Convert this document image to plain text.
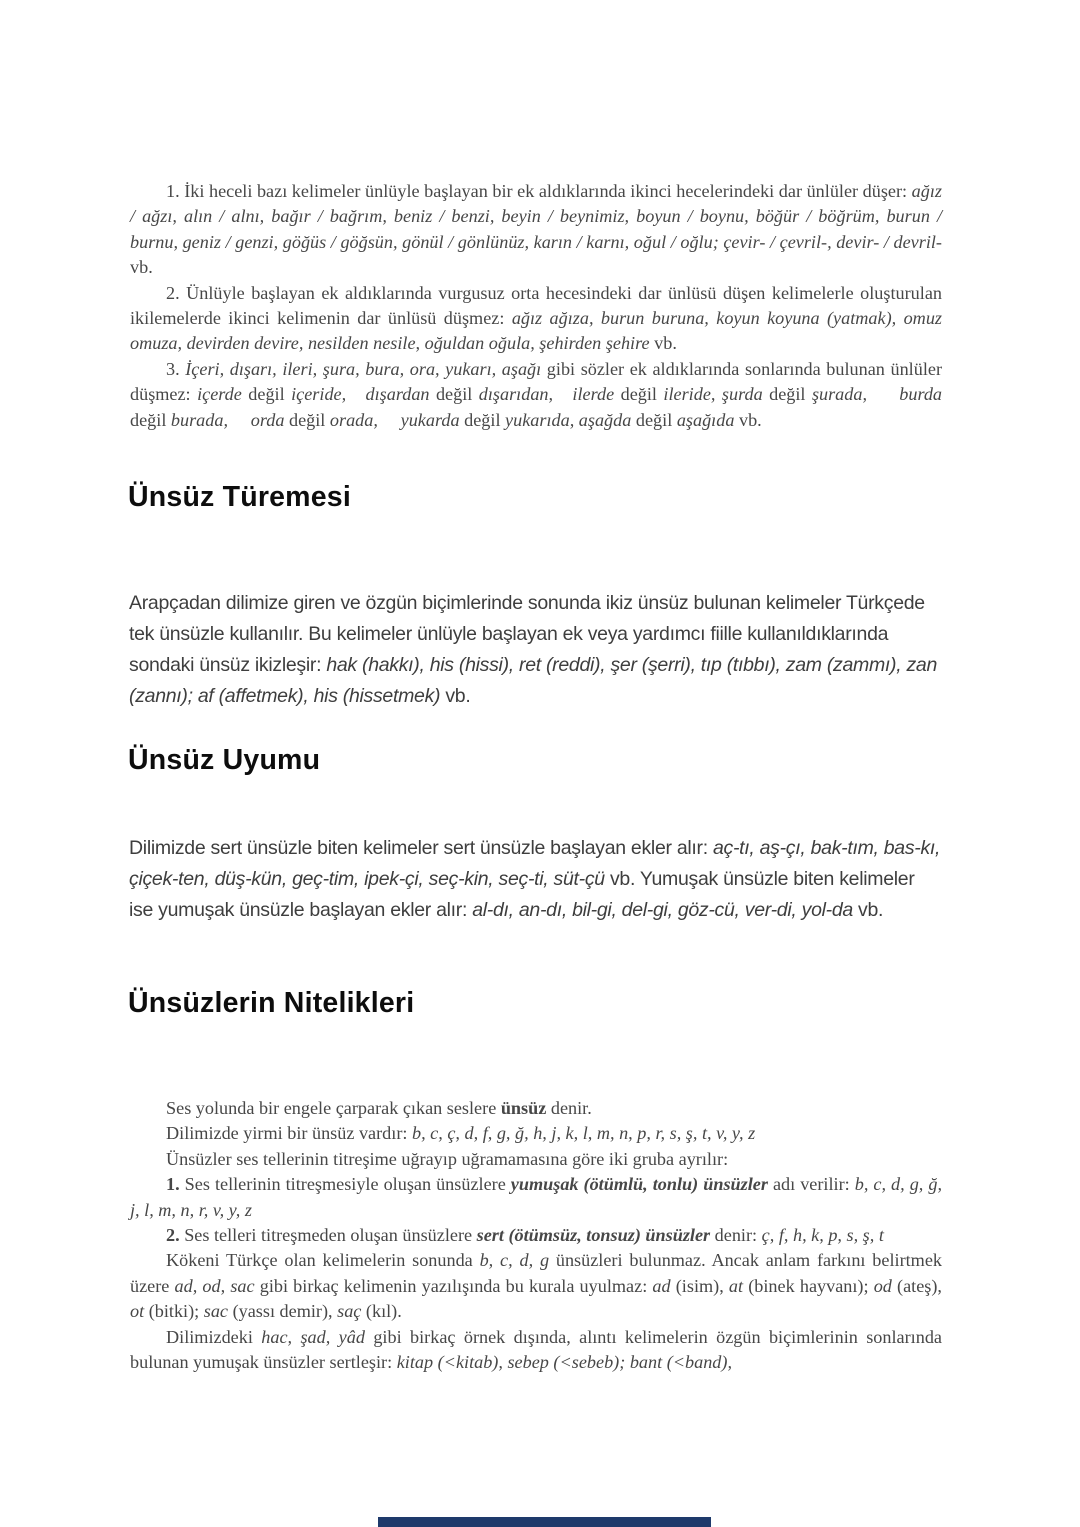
1. İki heceli bazı kelimeler ünlüyle başlayan bir ek aldıklarında ikinci hecelerindeki dar ünlüler düşer: ağız / ağzı, alın / alnı, bağır / bağrım, beniz / benzi, beyin / beynimiz, boyun / boynu, böğür / böğrüm, burun / burnu, geniz / genzi, göğüs / göğsün, gönül / gönlünüz, karın / karnı, oğul / oğlu; çevir- / çevril-, devir- / devril- vb.

2. Ünlüyle başlayan ek aldıklarında vurgusuz orta hecesindeki dar ünlüsü düşen kelimelerle oluşturulan ikilemelerde ikinci kelimenin dar ünlüsü düşmez: ağız ağıza, burun buruna, koyun koyuna (yatmak), omuz omuza, devirden devire, nesilden nesile, oğuldan oğula, şehirden şehire vb.

3. İçeri, dışarı, ileri, şura, bura, ora, yukarı, aşağı gibi sözler ek aldıklarında sonlarında bulunan ünlüler düşmez: içerde değil içeride, dışardan değil dışarıdan, ilerde değil ileride, şurda değil şurada, burda değil burada, orda değil orada, yukarda değil yukarıda, aşağda değil aşağıda vb.

Ünsüz Türemesi

Arapçadan dilimize giren ve özgün biçimlerinde sonunda ikiz ünsüz bulunan kelimeler Türkçede tek ünsüzle kullanılır. Bu kelimeler ünlüyle başlayan ek veya yardımcı fiille kullanıldıklarında sondaki ünsüz ikizleşir: hak (hakkı), his (hissi), ret (reddi), şer (şerri), tıp (tıbbı), zam (zammı), zan (zannı); af (affetmek), his (hissetmek) vb.

Ünsüz Uyumu

Dilimizde sert ünsüzle biten kelimeler sert ünsüzle başlayan ekler alır: aç-tı, aş-çı, bak-tım, bas-kı, çiçek-ten, düş-kün, geç-tim, ipek-çi, seç-kin, seç-ti, süt-çü vb. Yumuşak ünsüzle biten kelimeler ise yumuşak ünsüzle başlayan ekler alır: al-dı, an-dı, bil-gi, del-gi, göz-cü, ver-di, yol-da vb.

Ünsüzlerin Nitelikleri

Ses yolunda bir engele çarparak çıkan seslere ünsüz denir.

Dilimizde yirmi bir ünsüz vardır: b, c, ç, d, f, g, ğ, h, j, k, l, m, n, p, r, s, ş, t, v, y, z

Ünsüzler ses tellerinin titreşime uğrayıp uğramamasına göre iki gruba ayrılır:

1. Ses tellerinin titreşmesiyle oluşan ünsüzlere yumuşak (ötümlü, tonlu) ünsüzler adı verilir: b, c, d, g, ğ, j, l, m, n, r, v, y, z

2. Ses telleri titreşmeden oluşan ünsüzlere sert (ötümsüz, tonsuz) ünsüzler denir: ç, f, h, k, p, s, ş, t

Kökeni Türkçe olan kelimelerin sonunda b, c, d, g ünsüzleri bulunmaz. Ancak anlam farkını belirtmek üzere ad, od, sac gibi birkaç kelimenin yazılışında bu kurala uyulmaz: ad (isim), at (binek hayvanı); od (ateş), ot (bitki); sac (yassı demir), saç (kıl).

Dilimizdeki hac, şad, yâd gibi birkaç örnek dışında, alıntı kelimelerin özgün biçimlerinin sonlarında bulunan yumuşak ünsüzler sertleşir: kitap (<kitab), sebep (<sebeb); bant (<band),
